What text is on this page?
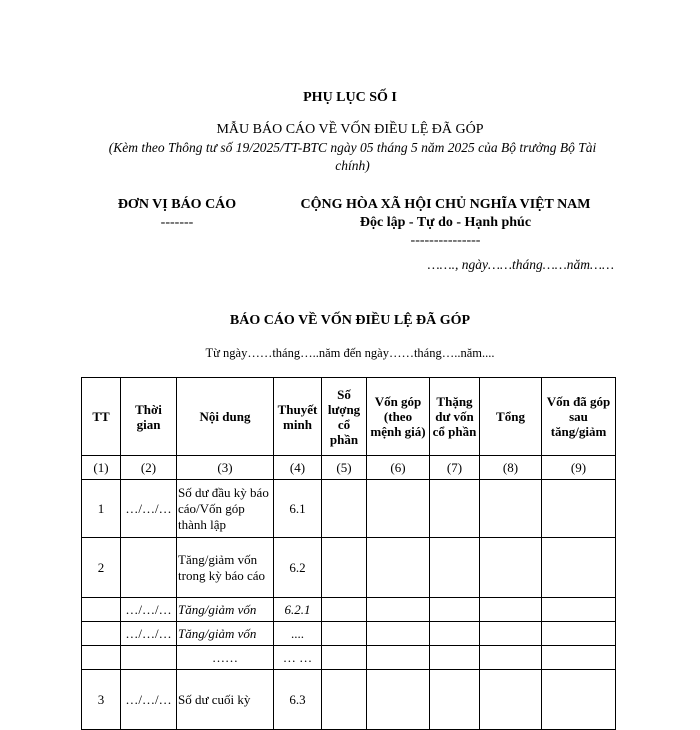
PHỤ LỤC SỐ I
MẪU BÁO CÁO VỀ VỐN ĐIỀU LỆ ĐÃ GÓP
(Kèm theo Thông tư số 19/2025/TT-BTC ngày 05 tháng 5 năm 2025 của Bộ trưởng Bộ Tài chính)
ĐƠN VỊ BÁO CÁO
-------
CỘNG HÒA XÃ HỘI CHỦ NGHĨA VIỆT NAM
Độc lập - Tự do - Hạnh phúc
---------------
……., ngày……tháng……năm……
BÁO CÁO VỀ VỐN ĐIỀU LỆ ĐÃ GÓP
Từ ngày……tháng…..năm đến ngày……tháng…..năm....
TT	Thời gian	Nội dung	Thuyết minh	Số lượng cổ phần	Vốn góp (theo mệnh giá)	Thặng dư vốn cổ phần	Tổng	Vốn đã góp sau tăng/giảm
(1)	(2)	(3)	(4)	(5)	(6)	(7)	(8)	(9)
1	…/…/…	Số dư đầu kỳ báo cáo/Vốn góp thành lập	6.1					
2		Tăng/giảm vốn trong kỳ báo cáo	6.2					
	…/…/…	Tăng/giảm vốn	6.2.1					
	…/…/…	Tăng/giảm vốn	....					
		……	… …					
3	…/…/…	Số dư cuối kỳ	6.3					
